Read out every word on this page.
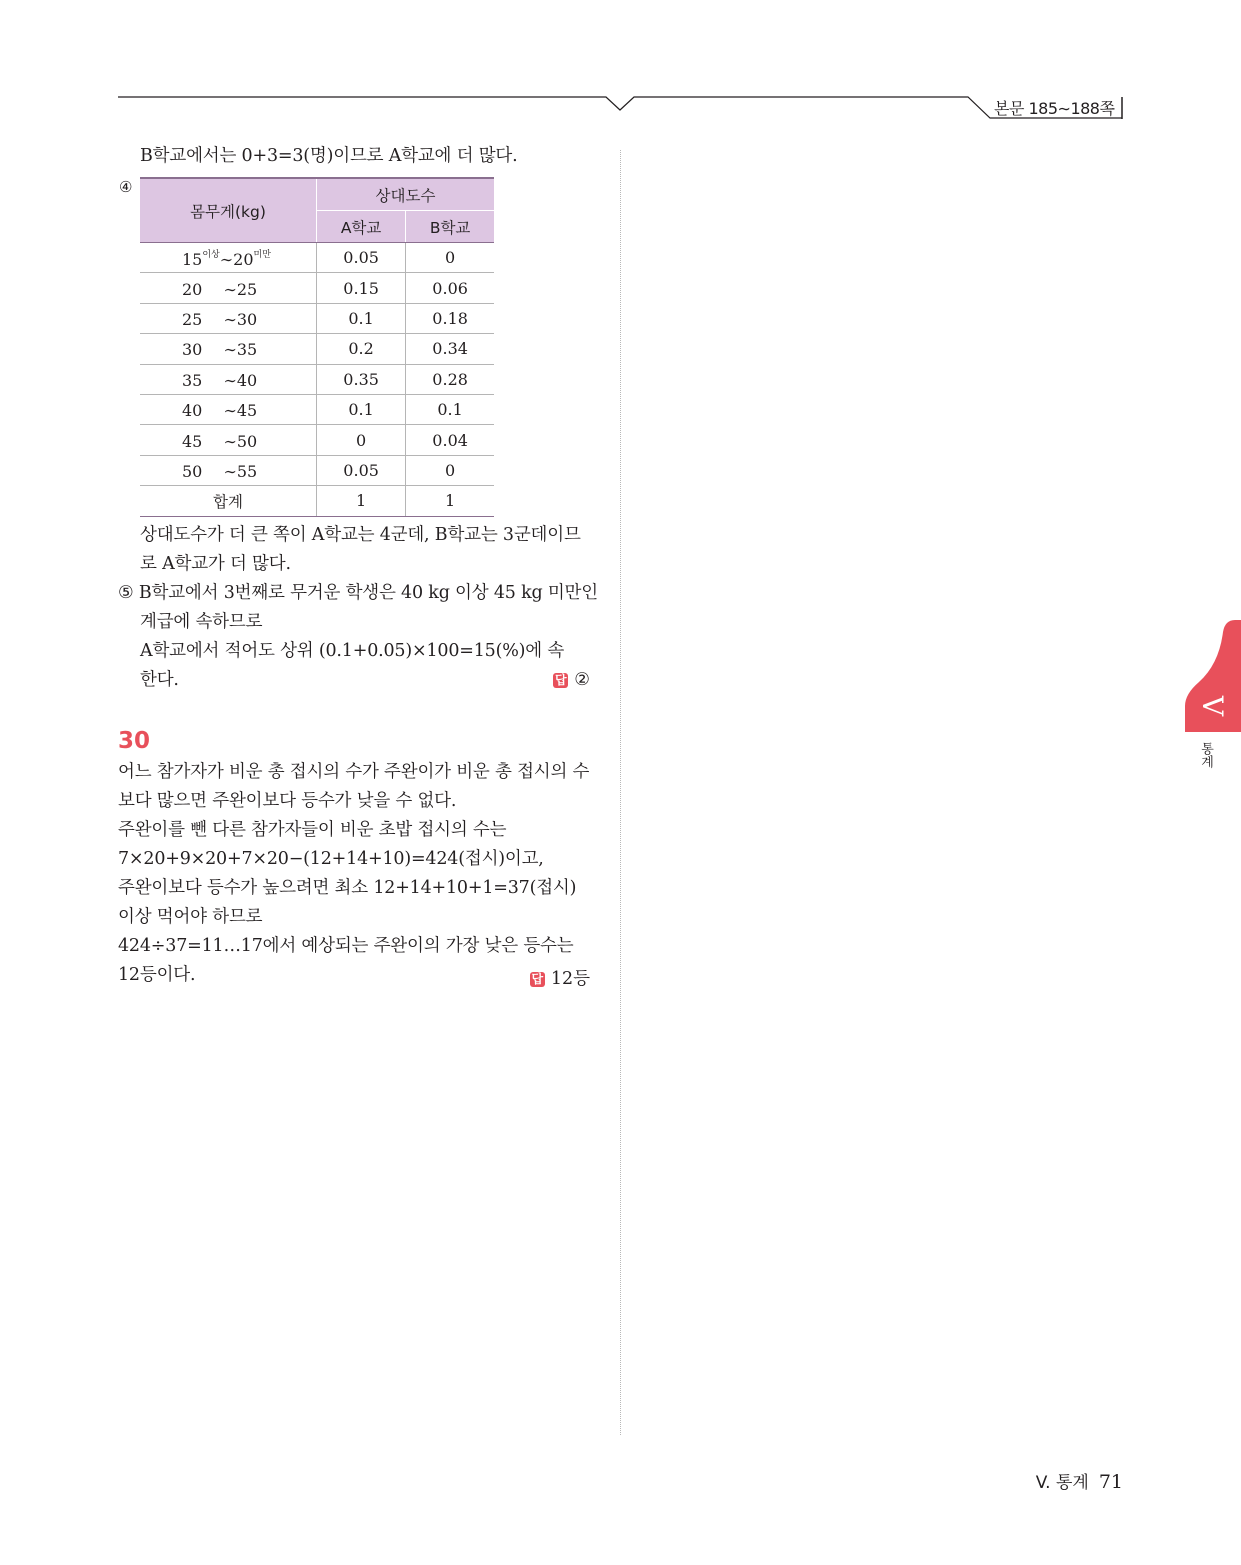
본문 185∼188쪽
B학교에서는 0+3=3(명)이므로 A학교에 더 많다.
④
몸무게(kg)	상대도수	
	A학교	B학교
$15^{이상}\sim 20^{미만}$	0.05	0
20 　∼25	0.15	0.06
25 　∼30	0.1	0.18
30 　∼35	0.2	0.34
35 　∼40	0.35	0.28
40 　∼45	0.1	0.1
45 　∼50	0	0.04
50 　∼55	0.05	0
합계	1	1
상대도수가 더 큰 쪽이 A학교는 4군데, B학교는 3군데이므
로 A학교가 더 많다.
⑤ B학교에서 3번째로 무거운 학생은 40 kg 이상 45 kg 미만인
계급에 속하므로
A학교에서 적어도 상위 (0.1+0.05)×100=15(%)에 속
한다.	답 ②
30
어느 참가자가 비운 총 접시의 수가 주완이가 비운 총 접시의 수
보다 많으면 주완이보다 등수가 낮을 수 없다.
주완이를 뺀 다른 참가자들이 비운 초밥 접시의 수는
7×20+9×20+7×20−(12+14+10)=424(접시)이고,
주완이보다 등수가 높으려면 최소 12+14+10+1=37(접시)
이상 먹어야 하므로
424÷37=11…17에서 예상되는 주완이의 가장 낮은 등수는
12등이다.	답 12등
V
통계
V. 통계 71
